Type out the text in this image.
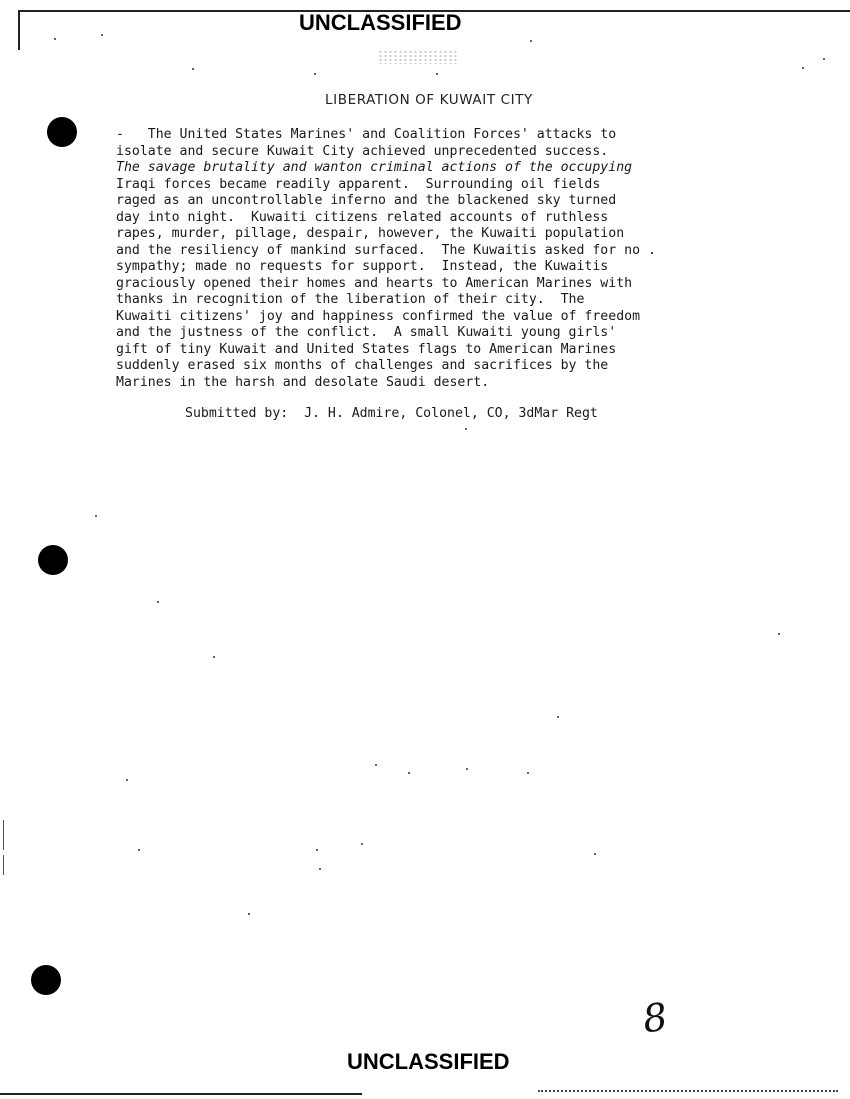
UNCLASSIFIED
LIBERATION OF KUWAIT CITY
-   The United States Marines' and Coalition Forces' attacks to
isolate and secure Kuwait City achieved unprecedented success.
The savage brutality and wanton criminal actions of the occupying
Iraqi forces became readily apparent.  Surrounding oil fields
raged as an uncontrollable inferno and the blackened sky turned
day into night.  Kuwaiti citizens related accounts of ruthless
rapes, murder, pillage, despair, however, the Kuwaiti population
and the resiliency of mankind surfaced.  The Kuwaitis asked for no .
sympathy; made no requests for support.  Instead, the Kuwaitis
graciously opened their homes and hearts to American Marines with
thanks in recognition of the liberation of their city.  The
Kuwaiti citizens' joy and happiness confirmed the value of freedom
and the justness of the conflict.  A small Kuwaiti young girls'
gift of tiny Kuwait and United States flags to American Marines
suddenly erased six months of challenges and sacrifices by the
Marines in the harsh and desolate Saudi desert.
Submitted by:  J. H. Admire, Colonel, CO, 3dMar Regt
8
UNCLASSIFIED
